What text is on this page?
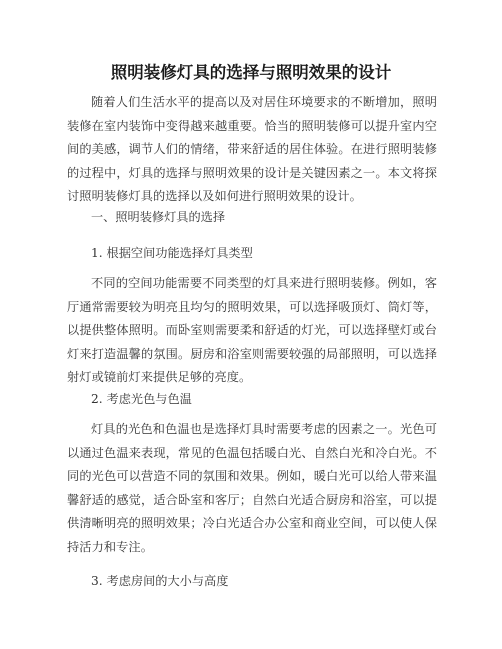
照明装修灯具的选择与照明效果的设计

随着人们生活水平的提高以及对居住环境要求的不断增加，照明装修在室内装饰中变得越来越重要。恰当的照明装修可以提升室内空间的美感，调节人们的情绪，带来舒适的居住体验。在进行照明装修的过程中，灯具的选择与照明效果的设计是关键因素之一。本文将探讨照明装修灯具的选择以及如何进行照明效果的设计。

一、照明装修灯具的选择
1. 根据空间功能选择灯具类型

不同的空间功能需要不同类型的灯具来进行照明装修。例如，客厅通常需要较为明亮且均匀的照明效果，可以选择吸顶灯、筒灯等，以提供整体照明。而卧室则需要柔和舒适的灯光，可以选择壁灯或台灯来打造温馨的氛围。厨房和浴室则需要较强的局部照明，可以选择射灯或镜前灯来提供足够的亮度。

2. 考虑光色与色温

灯具的光色和色温也是选择灯具时需要考虑的因素之一。光色可以通过色温来表现，常见的色温包括暖白光、自然白光和冷白光。不同的光色可以营造不同的氛围和效果。例如，暖白光可以给人带来温馨舒适的感觉，适合卧室和客厅；自然白光适合厨房和浴室，可以提供清晰明亮的照明效果；冷白光适合办公室和商业空间，可以使人保持活力和专注。

3. 考虑房间的大小与高度
